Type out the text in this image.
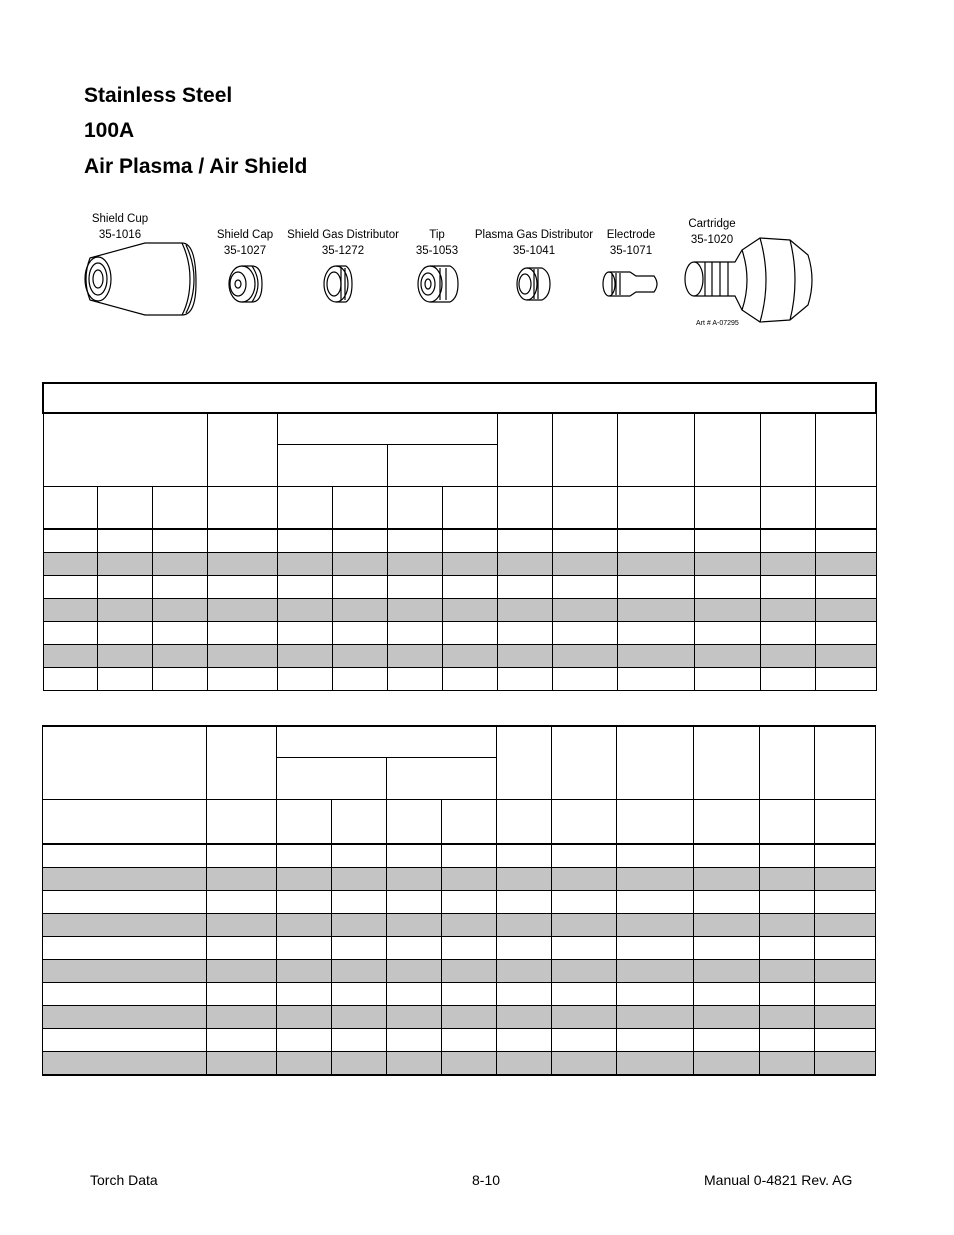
Stainless Steel
100A
Air Plasma / Air Shield
Shield Cup
35-1016	Shield Cap
35-1027
Shield Gas Distributor
35-1272
Tip
35-1053
Plasma Gas Distributor
35-1041
Electrode
35-1071
Cartridge
35-1020
Art # A-07295

Torch Data	8-10	Manual 0-4821 Rev. AG
